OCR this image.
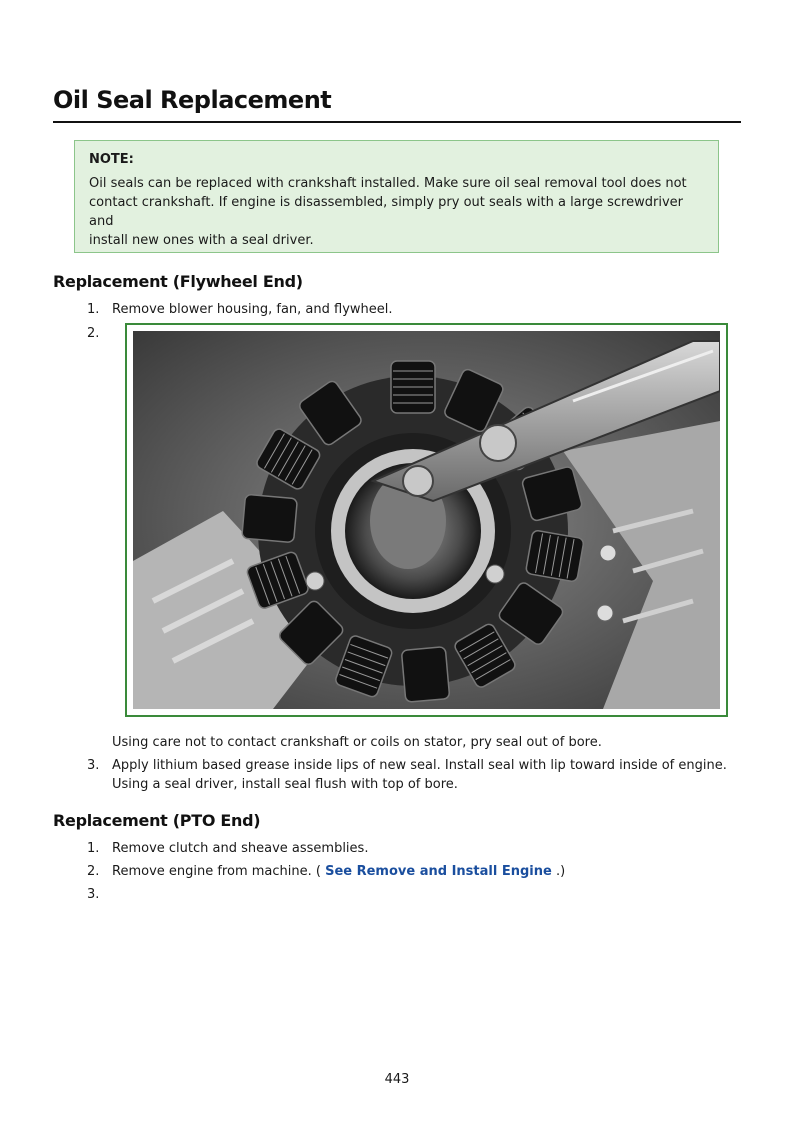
Oil Seal Replacement

NOTE:

Oil seals can be replaced with crankshaft installed. Make sure oil seal removal tool does not
contact crankshaft. If engine is disassembled, simply pry out seals with a large screwdriver and
install new ones with a seal driver.

Replacement (Flywheel End)
1. Remove blower housing, fan, and flywheel.
2.
Using care not to contact crankshaft or coils on stator, pry seal out of bore.
3. Apply lithium based grease inside lips of new seal. Install seal with lip toward inside of engine.
Using a seal driver, install seal flush with top of bore.
Replacement (PTO End)
1. Remove clutch and sheave assemblies.
2. Remove engine from machine. ( See Remove and Install Engine .)
3.
443
